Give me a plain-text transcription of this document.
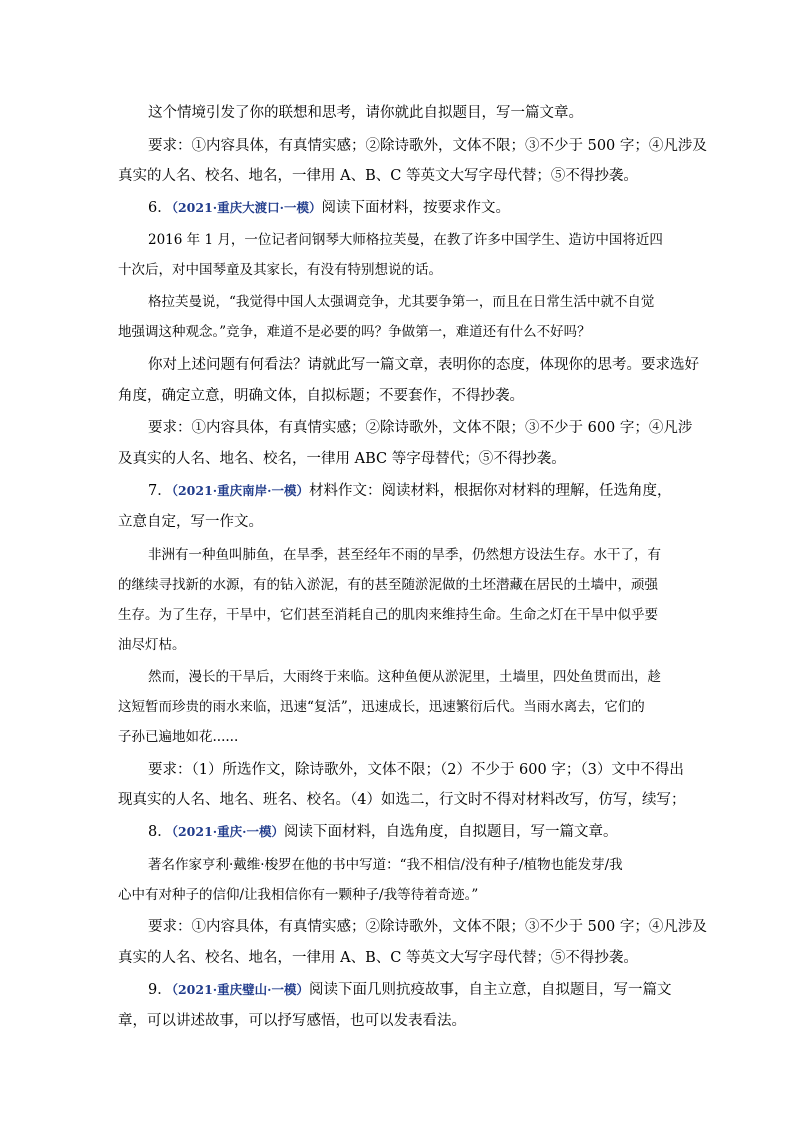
这个情境引发了你的联想和思考，请你就此自拟题目，写一篇文章。
要求：①内容具体，有真情实感；②除诗歌外，文体不限；③不少于 500 字；④凡涉及
真实的人名、校名、地名，一律用 A、B、C 等英文大写字母代替；⑤不得抄袭。
6．（2021·重庆大渡口·一模）阅读下面材料，按要求作文。
2016 年 1 月，一位记者问钢琴大师格拉芙曼，在教了许多中国学生、造访中国将近四
十次后，对中国琴童及其家长，有没有特别想说的话。
格拉芙曼说，“我觉得中国人太强调竞争，尤其要争第一，而且在日常生活中就不自觉
地强调这种观念。”竞争，难道不是必要的吗？争做第一，难道还有什么不好吗？
你对上述问题有何看法？请就此写一篇文章，表明你的态度，体现你的思考。要求选好
角度，确定立意，明确文体，自拟标题；不要套作，不得抄袭。
要求：①内容具体，有真情实感；②除诗歌外，文体不限；③不少于 600 字；④凡涉
及真实的人名、地名、校名，一律用 ABC 等字母替代；⑤不得抄袭。
7．（2021·重庆南岸·一模）材料作文：阅读材料，根据你对材料的理解，任选角度，
立意自定，写一作文。
非洲有一种鱼叫肺鱼，在旱季，甚至经年不雨的旱季，仍然想方设法生存。水干了，有
的继续寻找新的水源，有的钻入淤泥，有的甚至随淤泥做的土坯潜藏在居民的土墙中，顽强
生存。为了生存，干旱中，它们甚至消耗自己的肌肉来维持生命。生命之灯在干旱中似乎要
油尽灯枯。
然而，漫长的干旱后，大雨终于来临。这种鱼便从淤泥里，土墙里，四处鱼贯而出，趁
这短暂而珍贵的雨水来临，迅速“复活”，迅速成长，迅速繁衍后代。当雨水离去，它们的
子孙已遍地如花......
要求：（1）所选作文，除诗歌外，文体不限；（2）不少于 600 字；（3）文中不得出
现真实的人名、地名、班名、校名。（4）如选二，行文时不得对材料改写，仿写，续写；
8．（2021·重庆·一模）阅读下面材料，自选角度，自拟题目，写一篇文章。
著名作家亨利·戴维·梭罗在他的书中写道：“我不相信/没有种子/植物也能发芽/我
心中有对种子的信仰/让我相信你有一颗种子/我等待着奇迹。”
要求：①内容具体，有真情实感；②除诗歌外，文体不限；③不少于 500 字；④凡涉及
真实的人名、校名、地名，一律用 A、B、C 等英文大写字母代替；⑤不得抄袭。
9．（2021·重庆璧山·一模）阅读下面几则抗疫故事，自主立意，自拟题目，写一篇文
章，可以讲述故事，可以抒写感悟，也可以发表看法。
